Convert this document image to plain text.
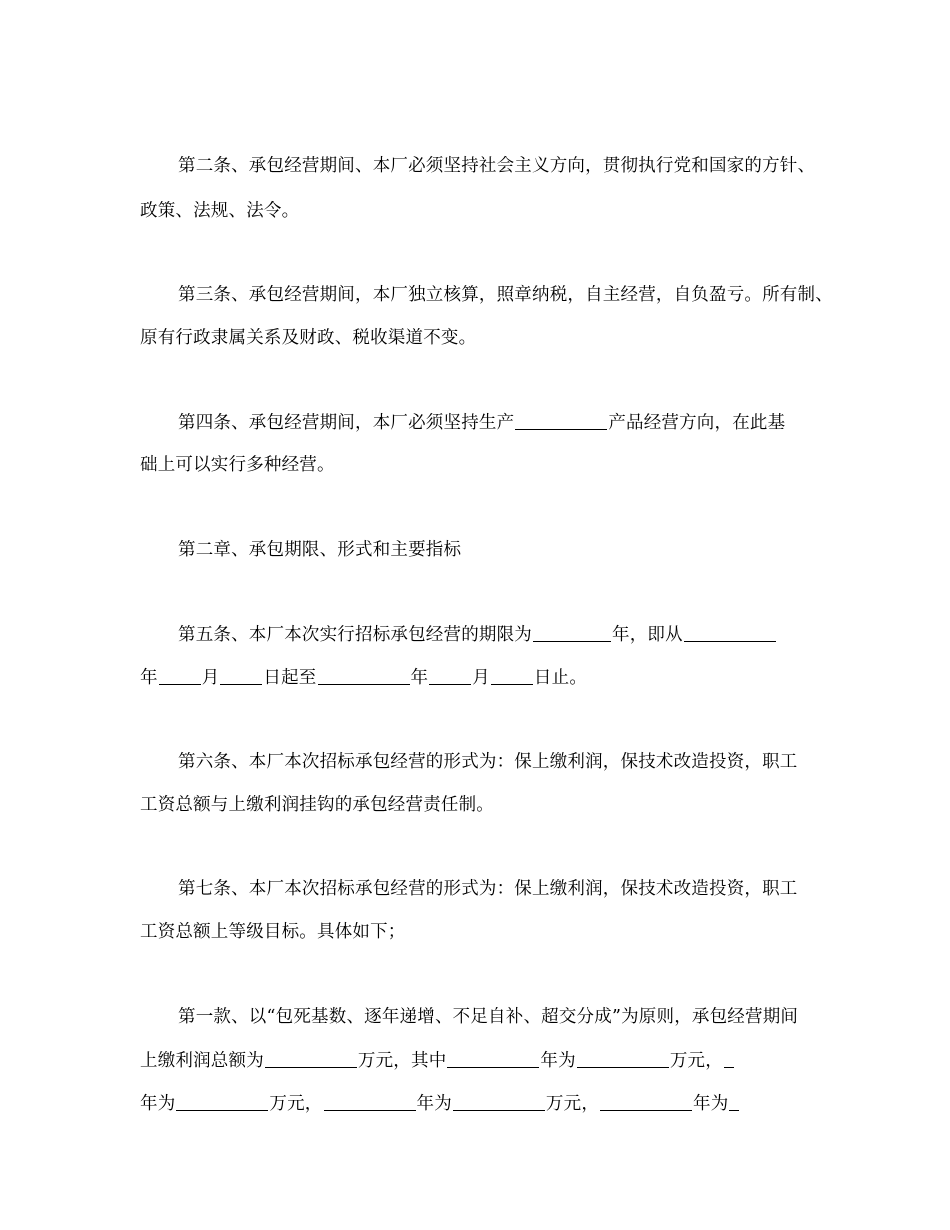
第二条、承包经营期间、本厂必须坚持社会主义方向，贯彻执行党和国家的方针、
政策、法规、法令。
第三条、承包经营期间，本厂独立核算，照章纳税，自主经营，自负盈亏。所有制、
原有行政隶属关系及财政、税收渠道不变。
第四条、承包经营期间，本厂必须坚持生产	产品经营方向，在此基
础上可以实行多种经营。
第二章、承包期限、形式和主要指标
第五条、本厂本次实行招标承包经营的期限为	年，即从
年	月	日起至	年	月	日止。
第六条、本厂本次招标承包经营的形式为：保上缴利润，保技术改造投资，职工
工资总额与上缴利润挂钩的承包经营责任制。
第七条、本厂本次招标承包经营的形式为：保上缴利润，保技术改造投资，职工
工资总额上等级目标。具体如下；
第一款、以“包死基数、逐年递增、不足自补、超交分成”为原则，承包经营期间
上缴利润总额为	万元，其中	年为	万元，
年为	万元，	年为	万元，	年为
